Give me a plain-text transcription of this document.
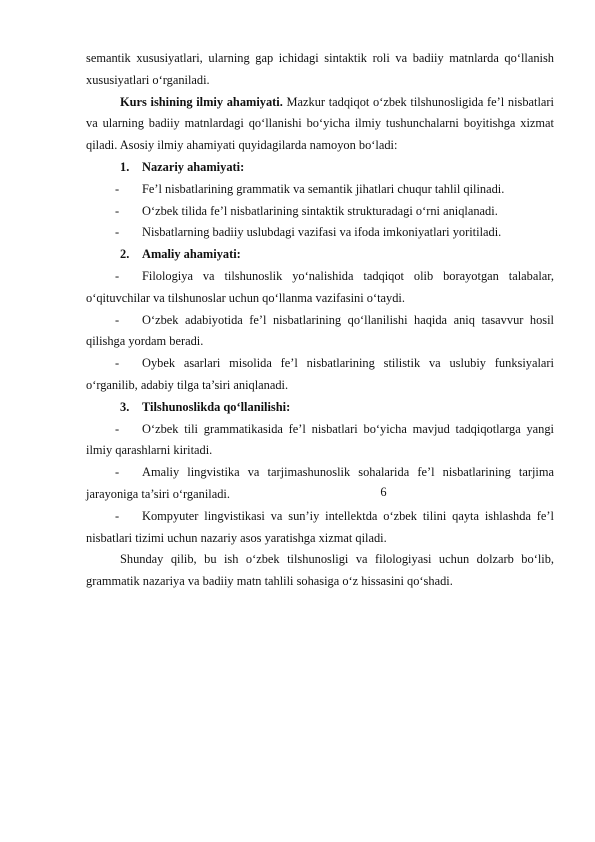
semantik xususiyatlari, ularning gap ichidagi sintaktik roli va badiiy matnlarda qo‘llanish xususiyatlari o‘rganiladi.

Kurs ishining ilmiy ahamiyati. Mazkur tadqiqot o‘zbek tilshunosligida fe’l nisbatlari va ularning badiiy matnlardagi qo‘llanishi bo‘yicha ilmiy tushunchalarni boyitishga xizmat qiladi. Asosiy ilmiy ahamiyati quyidagilarda namoyon bo‘ladi:

1.	Nazariy ahamiyati:
-	Fe’l nisbatlarining grammatik va semantik jihatlari chuqur tahlil qilinadi.
-	O‘zbek tilida fe’l nisbatlarining sintaktik strukturadagi o‘rni aniqlanadi.
-	Nisbatlarning badiiy uslubdagi vazifasi va ifoda imkoniyatlari yoritiladi.
2.	Amaliy ahamiyati:

- Filologiya va tilshunoslik yo‘nalishida tadqiqot olib borayotgan talabalar, o‘qituvchilar va tilshunoslar uchun qo‘llanma vazifasini o‘taydi.

- O‘zbek adabiyotida fe’l nisbatlarining qo‘llanilishi haqida aniq tasavvur hosil qilishga yordam beradi.

- Oybek asarlari misolida fe’l nisbatlarining stilistik va uslubiy funksiyalari o‘rganilib, adabiy tilga ta’siri aniqlanadi.

3.	Tilshunoslikda qo‘llanilishi:

- O‘zbek tili grammatikasida fe’l nisbatlari bo‘yicha mavjud tadqiqotlarga yangi ilmiy qarashlarni kiritadi.

- Amaliy lingvistika va tarjimashunoslik sohalarida fe’l nisbatlarining tarjima jarayoniga ta’siri o‘rganiladi.

- Kompyuter lingvistikasi va sun’iy intellektda o‘zbek tilini qayta ishlashda fe’l nisbatlari tizimi uchun nazariy asos yaratishga xizmat qiladi.

Shunday qilib, bu ish o‘zbek tilshunosligi va filologiyasi uchun dolzarb bo‘lib, grammatik nazariya va badiiy matn tahlili sohasiga o‘z hissasini qo‘shadi.

6
